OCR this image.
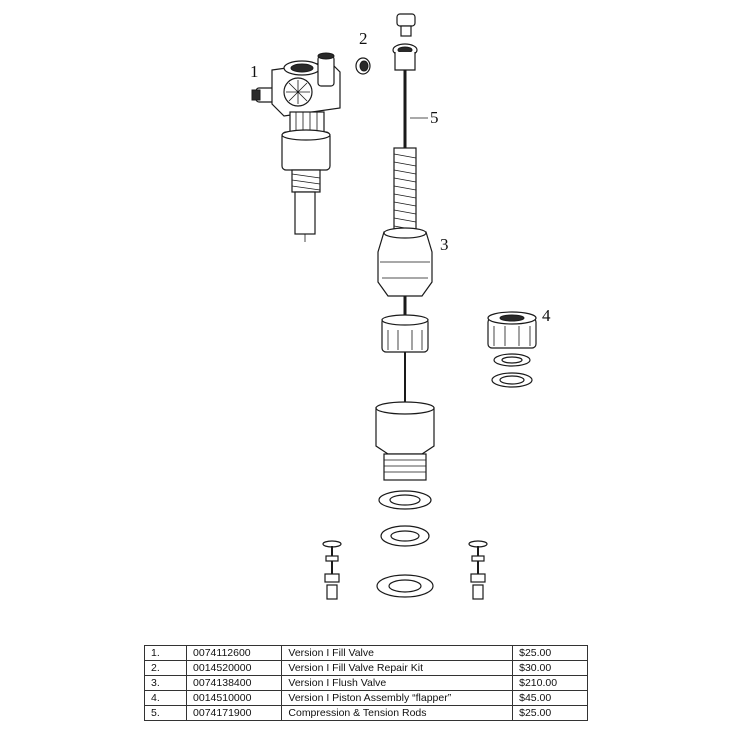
1
2
3
4
5
1.	0074112600	Version I Fill Valve	$25.00
2.	0014520000	Version I Fill Valve Repair Kit	$30.00
3.	0074138400	Version I Flush Valve	$210.00
4.	0014510000	Version I Piston Assembly “flapper”	$45.00
5.	0074171900	Compression & Tension Rods	$25.00
